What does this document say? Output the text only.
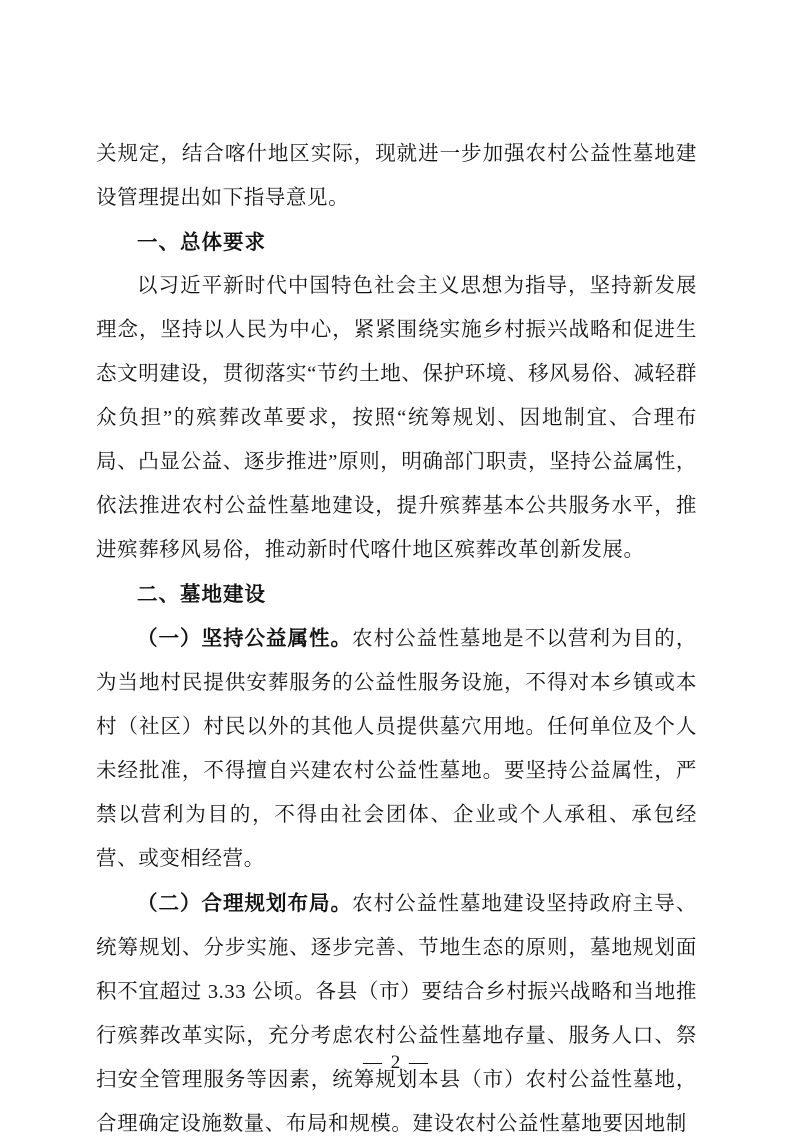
关规定，结合喀什地区实际，现就进一步加强农村公益性墓地建设管理提出如下指导意见。

一、总体要求

以习近平新时代中国特色社会主义思想为指导，坚持新发展理念，坚持以人民为中心，紧紧围绕实施乡村振兴战略和促进生态文明建设，贯彻落实“节约土地、保护环境、移风易俗、减轻群众负担”的殡葬改革要求，按照“统筹规划、因地制宜、合理布局、凸显公益、逐步推进”原则，明确部门职责，坚持公益属性，依法推进农村公益性墓地建设，提升殡葬基本公共服务水平，推进殡葬移风易俗，推动新时代喀什地区殡葬改革创新发展。

二、墓地建设

（一）坚持公益属性。农村公益性墓地是不以营利为目的，为当地村民提供安葬服务的公益性服务设施，不得对本乡镇或本村（社区）村民以外的其他人员提供墓穴用地。任何单位及个人未经批准，不得擅自兴建农村公益性墓地。要坚持公益属性，严禁以营利为目的，不得由社会团体、企业或个人承租、承包经营、或变相经营。

（二）合理规划布局。农村公益性墓地建设坚持政府主导、统筹规划、分步实施、逐步完善、节地生态的原则，墓地规划面积不宜超过 3.33 公顷。各县（市）要结合乡村振兴战略和当地推行殡葬改革实际，充分考虑农村公益性墓地存量、服务人口、祭扫安全管理服务等因素，统筹规划本县（市）农村公益性墓地，合理确定设施数量、布局和规模。建设农村公益性墓地要因地制

— 2 —
